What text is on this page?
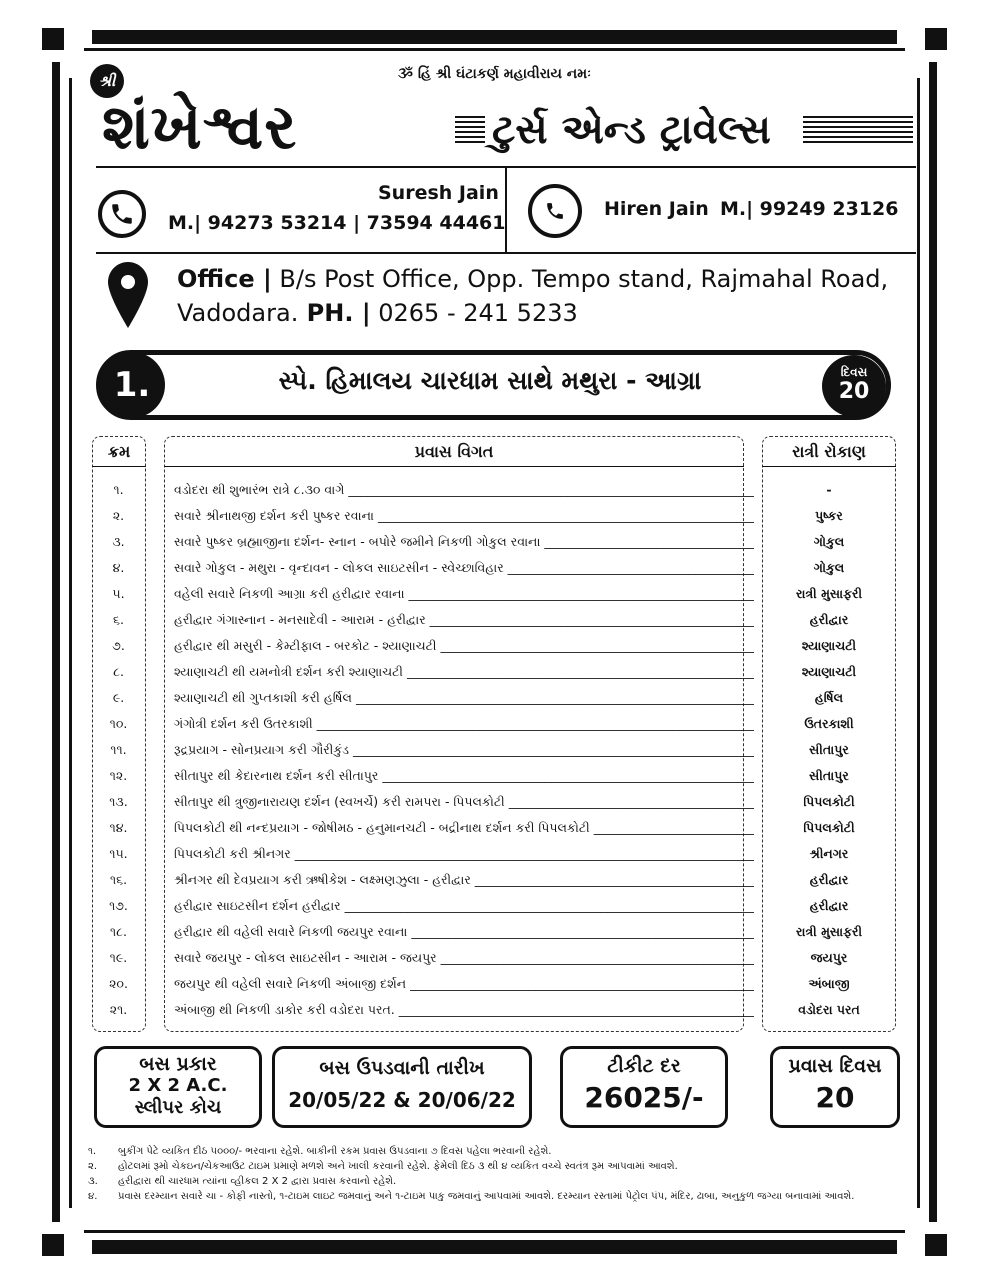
શ્રી	ૐ હિં શ્રી ઘંટાકર્ણ મહાવીરાય નમઃ
શંખેશ્વર	ટુર્સ એન્ડ ટ્રાવેલ્સ
Suresh Jain
M.| 94273 53214 | 73594 44461
Hiren Jain M.| 99249 23126
Office | B/s Post Office, Opp. Tempo stand, Rajmahal Road,
Vadodara. PH. | 0265 - 241 5233
1.	સ્પે. હિમાલય ચારધામ સાથે મથુરા - આગ્રા	દિવસ
20
ક્રમ	પ્રવાસ વિગત	રાત્રી રોકાણ
૧.	વડોદરા થી શુભારંભ રાત્રે ૮.૩૦ વાગે _____	-
૨.	સવારે શ્રીનાથજી દર્શન કરી પુષ્કર રવાના _____	પુષ્કર
૩.	સવારે પુષ્કર બ્રહ્માજીના દર્શન- સ્નાન - બપોરે જમીને નિકળી ગોકુલ રવાના _____	ગોકુલ
૪.	સવારે ગોકુલ - મથુરા - વૃન્દાવન - લોકલ સાઇટસીન - સ્વેચ્છાવિહાર _____	ગોકુલ
૫.	વહેલી સવારે નિકળી આગ્રા કરી હરીદ્વાર રવાના _____	રાત્રી મુસાફરી
૬.	હરીદ્વાર ગંગાસ્નાન - મનસાદેવી - આરામ - હરીદ્વાર _____	હરીદ્વાર
૭.	હરીદ્વાર થી મસુરી - કેમ્ટીફાલ - બરકોટ - શ્યાણાચટી _____	શ્યાણાચટી
૮.	શ્યાણાચટી થી યમનોત્રી દર્શન કરી શ્યાણાચટી _____	શ્યાણાચટી
૯.	શ્યાણાચટી થી ગુપ્તકાશી કરી હર્ષિલ _____	હર્ષિલ
૧૦.	ગંગોત્રી દર્શન કરી ઉતરકાશી _____	ઉતરકાશી
૧૧.	રૂદ્રપ્રયાગ - સોનપ્રયાગ કરી ગૌરીકુંડ _____	સીતાપુર
૧૨.	સીતાપુર થી કેદારનાથ દર્શન કરી સીતાપુર _____	સીતાપુર
૧૩.	સીતાપુર થી ત્રુજીનારાયણ દર્શન (સ્વખર્ચે) કરી રામપરા - પિપલકોટી _____	પિપલકોટી
૧૪.	પિપલકોટી થી નન્દપ્રયાગ - જોષીમઠ - હનુમાનચટી - બદ્રીનાથ દર્શન કરી પિપલકોટી _____	પિપલકોટી
૧૫.	પિપલકોટી કરી શ્રીનગર _____	શ્રીનગર
૧૬.	શ્રીનગર થી દેવપ્રયાગ કરી ઋષીકેશ - લક્ષ્મણઝુલા - હરીદ્વાર _____	હરીદ્વાર
૧૭.	હરીદ્વાર સાઇટસીન દર્શન હરીદ્વાર _____	હરીદ્વાર
૧૮.	હરીદ્વાર થી વહેલી સવારે નિકળી જયપુર રવાના _____	રાત્રી મુસાફરી
૧૯.	સવારે જયપુર - લોકલ સાઇટસીન - આરામ - જયપુર _____	જયપુર
૨૦.	જયપુર થી વહેલી સવારે નિકળી અંબાજી દર્શન _____	અંબાજી
૨૧.	અંબાજી થી નિકળી ડાકોર કરી વડોદરા પરત. _____	વડોદરા પરત
બસ પ્રકાર
2 X 2 A.C.
સ્લીપર કોચ
બસ ઉપડવાની તારીખ
20/05/22 & 20/06/22
ટીકીટ દર
26025/-
પ્રવાસ દિવસ
20
૧.	બુકીંગ પેટે વ્યકિત દીઠ ૫૦૦૦/- ભરવાના રહેશે. બાકીની રકમ પ્રવાસ ઉપડવાના ૭ દિવસ પહેલા ભરવાની રહેશે.
૨.	હોટલમાં રૂમો ચેકઇન/ચેકઆઉટ ટાઇમ પ્રમાણે મળશે અને ખાલી કરવાની રહેશે. ફેમેલી દિઠ ૩ થી ૪ વ્યકિત વચ્ચે સ્વતંત્ર રૂમ આપવામાં આવશે.
૩.	હરીદ્વારા થી ચારધામ ત્યાંના વ્હીકલ 2 X 2 દ્વારા પ્રવાસ કરવાનો રહેશે.
૪.	પ્રવાસ દરમ્યાન સવારે ચા - કોફી નાસ્તો, ૧-ટાઇમ લાઇટ જમવાનું અને ૧-ટાઇમ પાકુ જમવાનું આપવામાં આવશે. દરમ્યાન રસ્તામાં પેટ્રોલ પંપ, મંદિર, ઢાબા, અનુકુળ જગ્યા બનાવામાં આવશે.
